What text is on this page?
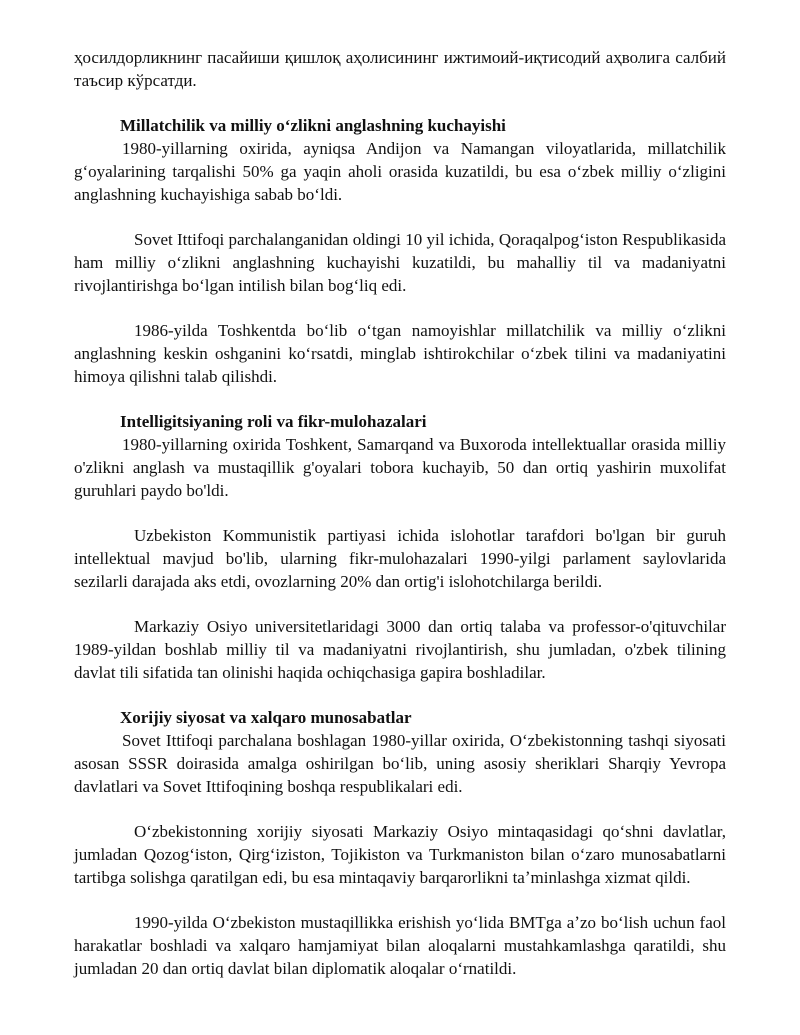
ҳосилдорликнинг пасайиши қишлоқ аҳолисининг ижтимоий-иқтисодий аҳволига салбий таъсир кўрсатди.

Millatchilik va milliy oʻzlikni anglashning kuchayishi

1980-yillarning oxirida, ayniqsa Andijon va Namangan viloyatlarida, millatchilik gʻoyalarining tarqalishi 50% ga yaqin aholi orasida kuzatildi, bu esa oʻzbek milliy oʻzligini anglashning kuchayishiga sabab boʻldi.

Sovet Ittifoqi parchalanganidan oldingi 10 yil ichida, Qoraqalpogʻiston Respublikasida ham milliy oʻzlikni anglashning kuchayishi kuzatildi, bu mahalliy til va madaniyatni rivojlantirishga boʻlgan intilish bilan bogʻliq edi.

1986-yilda Toshkentda boʻlib oʻtgan namoyishlar millatchilik va milliy oʻzlikni anglashning keskin oshganini koʻrsatdi, minglab ishtirokchilar oʻzbek tilini va madaniyatini himoya qilishni talab qilishdi.

Intelligitsiyaning roli va fikr-mulohazalari

1980-yillarning oxirida Toshkent, Samarqand va Buxoroda intellektuallar orasida milliy o'zlikni anglash va mustaqillik g'oyalari tobora kuchayib, 50 dan ortiq yashirin muxolifat guruhlari paydo bo'ldi.

Uzbekiston Kommunistik partiyasi ichida islohotlar tarafdori bo'lgan bir guruh intellektual mavjud bo'lib, ularning fikr-mulohazalari 1990-yilgi parlament saylovlarida sezilarli darajada aks etdi, ovozlarning 20% dan ortig'i islohotchilarga berildi.

Markaziy Osiyo universitetlaridagi 3000 dan ortiq talaba va professor-o'qituvchilar 1989-yildan boshlab milliy til va madaniyatni rivojlantirish, shu jumladan, o'zbek tilining davlat tili sifatida tan olinishi haqida ochiqchasiga gapira boshladilar.

Xorijiy siyosat va xalqaro munosabatlar

Sovet Ittifoqi parchalana boshlagan 1980-yillar oxirida, Oʻzbekistonning tashqi siyosati asosan SSSR doirasida amalga oshirilgan boʻlib, uning asosiy sheriklari Sharqiy Yevropa davlatlari va Sovet Ittifoqining boshqa respublikalari edi.

Oʻzbekistonning xorijiy siyosati Markaziy Osiyo mintaqasidagi qoʻshni davlatlar, jumladan Qozogʻiston, Qirgʻiziston, Tojikiston va Turkmaniston bilan oʻzaro munosabatlarni tartibga solishga qaratilgan edi, bu esa mintaqaviy barqarorlikni taʼminlashga xizmat qildi.

1990-yilda Oʻzbekiston mustaqillikka erishish yoʻlida BMTga aʼzo boʻlish uchun faol harakatlar boshladi va xalqaro hamjamiyat bilan aloqalarni mustahkamlashga qaratildi, shu jumladan 20 dan ortiq davlat bilan diplomatik aloqalar oʻrnatildi.
